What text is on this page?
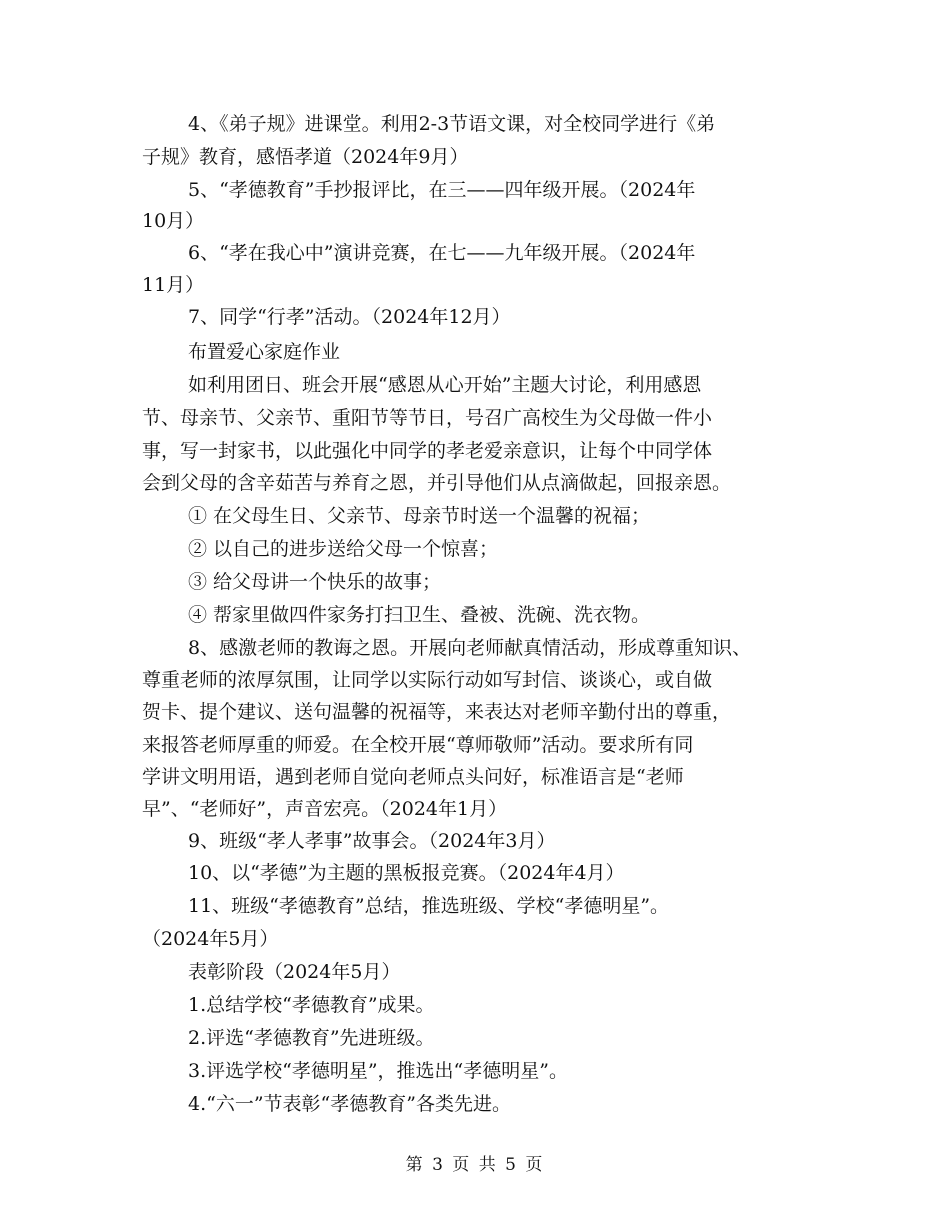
4、《弟子规》进课堂。利用2-3节语文课，对全校同学进行《弟
子规》教育，感悟孝道（2024年9月）
5、“孝德教育”手抄报评比，在三——四年级开展。（2024年
10月）
6、“孝在我心中”演讲竞赛，在七——九年级开展。（2024年
11月）
7、同学“行孝”活动。（2024年12月）
布置爱心家庭作业
如利用团日、班会开展“感恩从心开始”主题大讨论，利用感恩
节、母亲节、父亲节、重阳节等节日，号召广高校生为父母做一件小
事，写一封家书，以此强化中同学的孝老爱亲意识，让每个中同学体
会到父母的含辛茹苦与养育之恩，并引导他们从点滴做起，回报亲恩。
① 在父母生日、父亲节、母亲节时送一个温馨的祝福；
② 以自己的进步送给父母一个惊喜；
③ 给父母讲一个快乐的故事；
④ 帮家里做四件家务打扫卫生、叠被、洗碗、洗衣物。
8、感激老师的教诲之恩。开展向老师献真情活动，形成尊重知识、
尊重老师的浓厚氛围，让同学以实际行动如写封信、谈谈心，或自做
贺卡、提个建议、送句温馨的祝福等，来表达对老师辛勤付出的尊重，
来报答老师厚重的师爱。在全校开展“尊师敬师”活动。要求所有同
学讲文明用语，遇到老师自觉向老师点头问好，标准语言是“老师
早”、“老师好”，声音宏亮。（2024年1月）
9、班级“孝人孝事”故事会。（2024年3月）
10、以“孝德”为主题的黑板报竞赛。（2024年4月）
11、班级“孝德教育”总结，推选班级、学校“孝德明星”。
（2024年5月）
表彰阶段（2024年5月）
1.总结学校“孝德教育”成果。
2.评选“孝德教育”先进班级。
3.评选学校“孝德明星”，推选出“孝德明星”。
4.“六一”节表彰“孝德教育”各类先进。
第 3 页 共 5 页
